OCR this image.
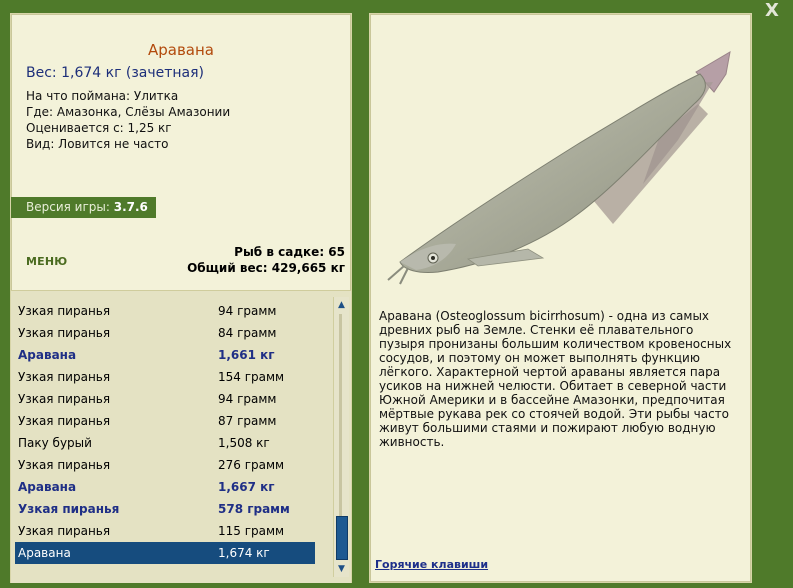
Аравана
Вес: 1,674 кг (зачетная)
На что поймана: Улитка
Где: Амазонка, Слёзы Амазонии
Оценивается с: 1,25 кг
Вид: Ловится не часто
Версия игры: 3.7.6
МЕНЮ
Рыб в садке: 65
Общий вес: 429,665 кг
Узкая пиранья	94 грамм
Узкая пиранья	84 грамм
Аравана	1,661 кг
Узкая пиранья	154 грамм
Узкая пиранья	94 грамм
Узкая пиранья	87 грамм
Паку бурый	1,508 кг
Узкая пиранья	276 грамм
Аравана	1,667 кг
Узкая пиранья	578 грамм
Узкая пиранья	115 грамм
Аравана	1,674 кг
▲
▼
Аравана (Osteoglossum bicirrhosum) - одна из самых древних рыб на Земле. Стенки её плавательного пузыря пронизаны большим количеством кровеносных сосудов, и поэтому он может выполнять функцию лёгкого. Характерной чертой араваны является пара усиков на нижней челюсти. Обитает в северной части Южной Америки и в бассейне Амазонки, предпочитая мёртвые рукава рек со стоячей водой. Эти рыбы часто живут большими стаями и пожирают любую водную живность.
Горячие клавиши
X
